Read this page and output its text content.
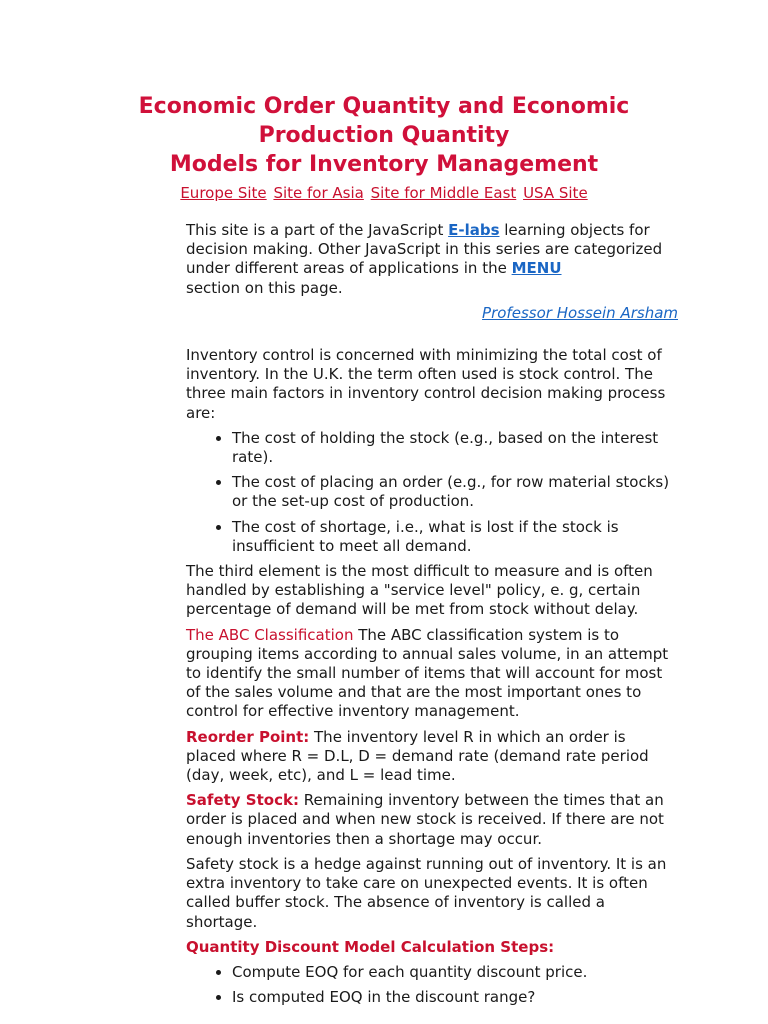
Economic Order Quantity and Economic
Production Quantity
Models for Inventory Management
Europe Site Site for Asia Site for Middle East USA Site

This site is a part of the JavaScript E-labs learning objects for decision making. Other JavaScript in this series are categorized under different areas of applications in the MENU
section on this page.

Professor Hossein Arsham

Inventory control is concerned with minimizing the total cost of inventory. In the U.K. the term often used is stock control. The three main factors in inventory control decision making process are:

• The cost of holding the stock (e.g., based on the interest rate).
• The cost of placing an order (e.g., for row material stocks) or the set-up cost of production.
• The cost of shortage, i.e., what is lost if the stock is insufficient to meet all demand.

The third element is the most difficult to measure and is often handled by establishing a "service level" policy, e. g, certain percentage of demand will be met from stock without delay.

The ABC Classification The ABC classification system is to grouping items according to annual sales volume, in an attempt to identify the small number of items that will account for most of the sales volume and that are the most important ones to control for effective inventory management.

Reorder Point: The inventory level R in which an order is placed where R = D.L, D = demand rate (demand rate period (day, week, etc), and L = lead time.

Safety Stock: Remaining inventory between the times that an order is placed and when new stock is received. If there are not enough inventories then a shortage may occur.

Safety stock is a hedge against running out of inventory. It is an extra inventory to take care on unexpected events. It is often called buffer stock. The absence of inventory is called a shortage.

Quantity Discount Model Calculation Steps:

• Compute EOQ for each quantity discount price.
• Is computed EOQ in the discount range?
